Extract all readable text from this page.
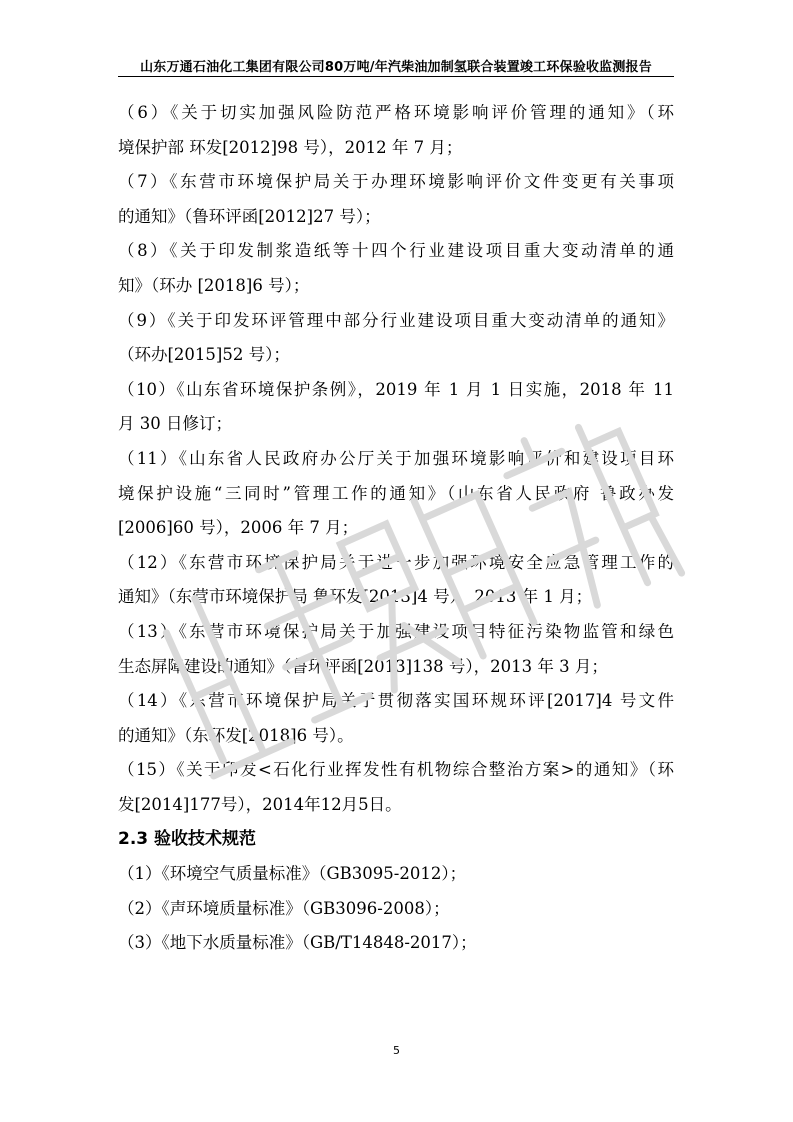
山东万通石油化工集团有限公司80万吨/年汽柴油加制氢联合装置竣工环保验收监测报告
（6）《关于切实加强风险防范严格环境影响评价管理的通知》（环
境保护部 环发[2012]98 号），2012 年 7 月；
（7）《东营市环境保护局关于办理环境影响评价文件变更有关事项
的通知》（鲁环评函[2012]27 号）；
（8）《关于印发制浆造纸等十四个行业建设项目重大变动清单的通
知》（环办 [2018]6 号）；
（9）《关于印发环评管理中部分行业建设项目重大变动清单的通知》
（环办[2015]52 号）；
（10）《山东省环境保护条例》，2019 年 1 月 1 日实施，2018 年 11
月 30 日修订；
（11）《山东省人民政府办公厅关于加强环境影响评价和建设项目环
境保护设施“三同时”管理工作的通知》（山东省人民政府 鲁政办发
[2006]60 号），2006 年 7 月；
（12）《东营市环境保护局关于进一步加强环境安全应急管理工作的
通知》（东营市环境保护局 鲁环发[2013]4 号），2013 年 1 月；
（13）《东营市环境保护局关于加强建设项目特征污染物监管和绿色
生态屏障建设的通知》（鲁环评函[2013]138 号），2013 年 3 月；
（14）《东营市环境保护局关于贯彻落实国环规环评[2017]4 号文件
的通知》（东环发[2018]6 号）。
（15）《关于印发<石化行业挥发性有机物综合整治方案>的通知》（环
发[2014]177号），2014年12月5日。
2.3 验收技术规范
（1）《环境空气质量标准》（GB3095-2012）；
（2）《声环境质量标准》（GB3096-2008）；
（3）《地下水质量标准》（GB/T14848-2017）；
5
